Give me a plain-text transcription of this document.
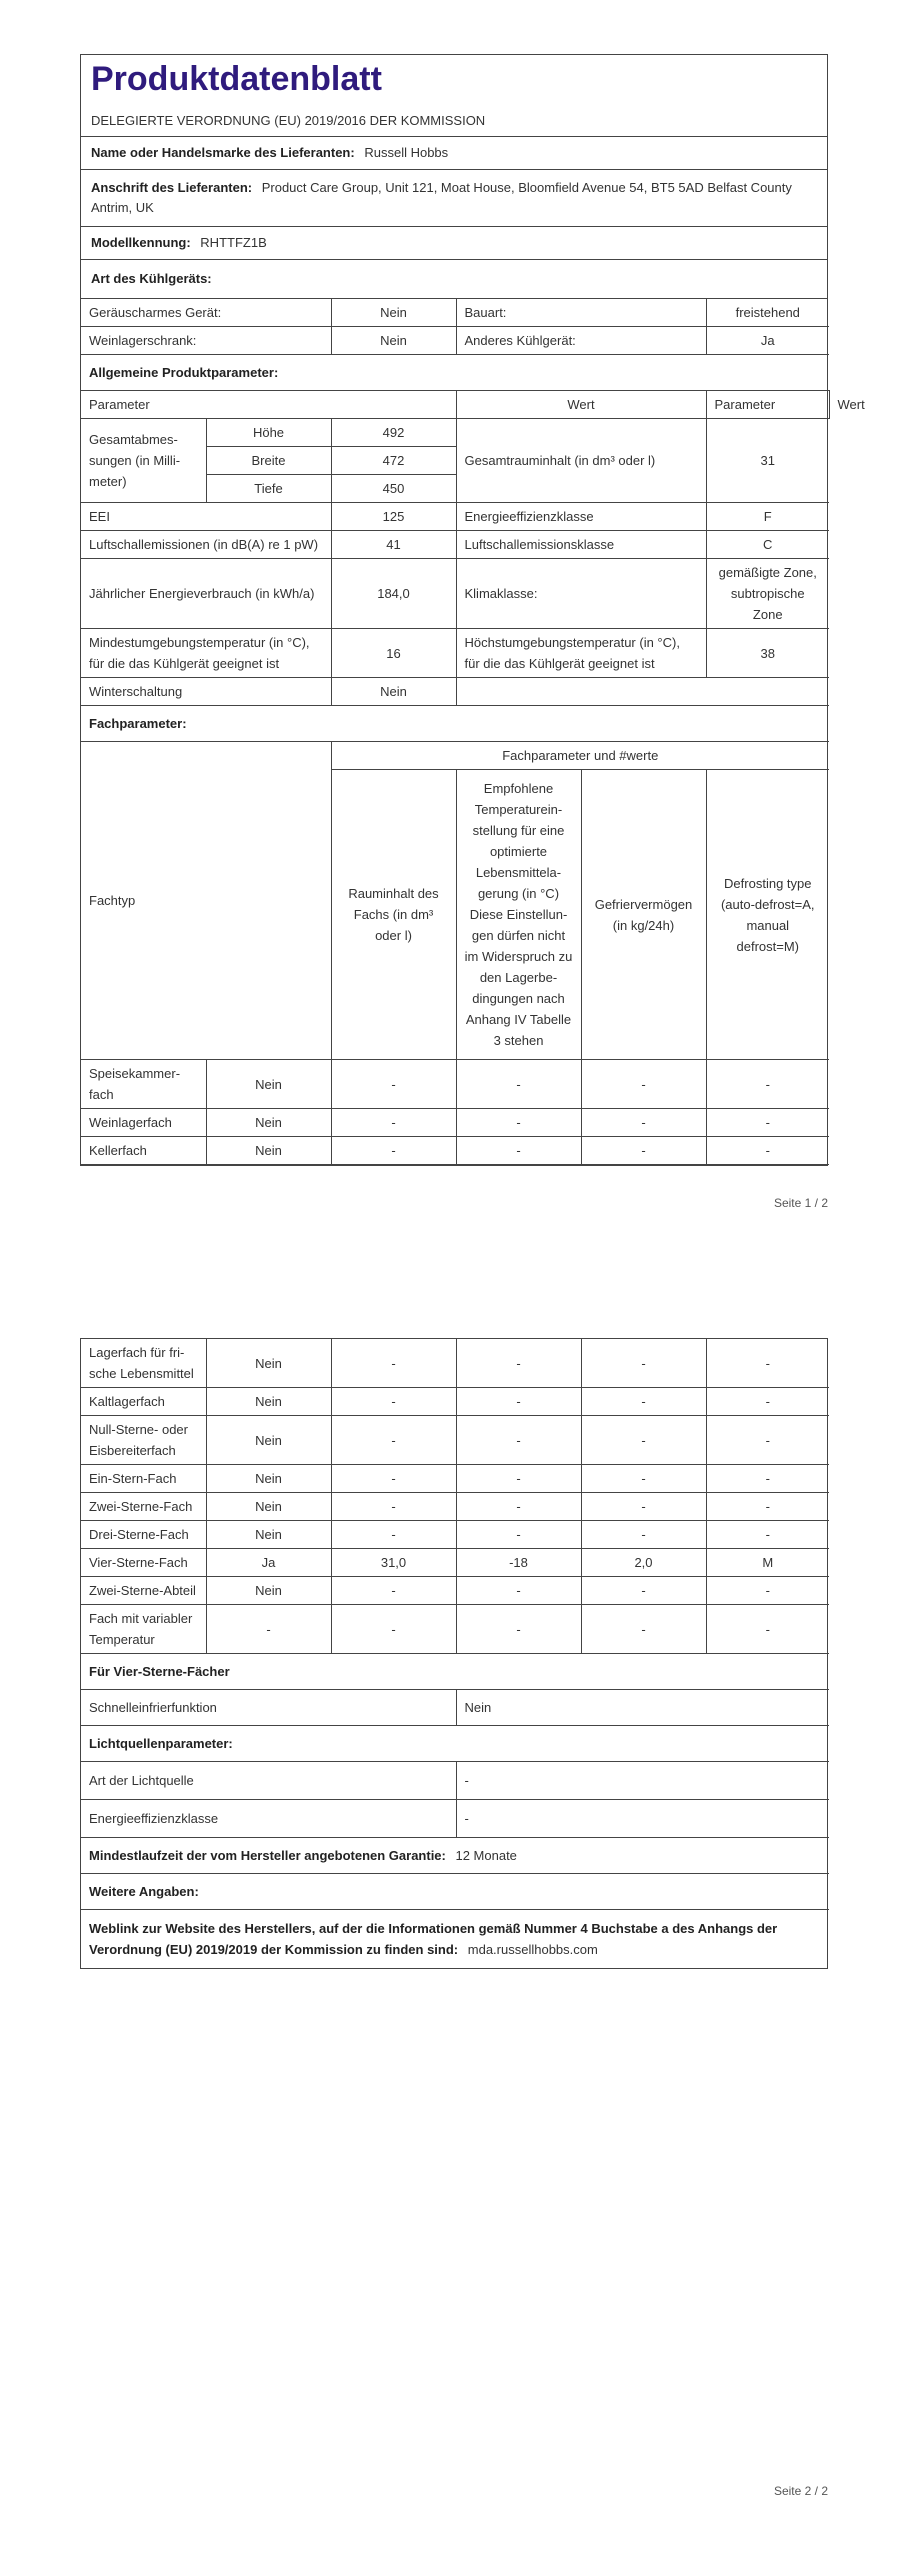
Produktdatenblatt
DELEGIERTE VERORDNUNG (EU) 2019/2016 DER KOMMISSION
Name oder Handelsmarke des Lieferanten: Russell Hobbs
Anschrift des Lieferanten: Product Care Group, Unit 121, Moat House, Bloomfield Avenue 54, BT5 5AD Belfast County Antrim, UK
Modellkennung: RHTTFZ1B
Art des Kühlgeräts:
Geräuscharmes Gerät:	Nein	Bauart:	freistehend	
Weinlagerschrank:	Nein	Anderes Kühlgerät:	Ja	
Allgemeine Produktparameter:				
Parameter		Wert	Parameter	Wert
Gesamtabmessungen (in Millimeter)	Höhe	492	Gesamtrauminhalt (in dm³ oder l)	31
	Breite	472		
	Tiefe	450		
EEI		125	Energieeffizienzklasse	F
Luftschallemissionen (in dB(A) re 1 pW)		41	Luftschallemissionsklasse	C
Jährlicher Energieverbrauch (in kWh/a)		184,0	Klimaklasse:	gemäßigte Zone, subtropische Zone
Mindestumgebungstemperatur (in °C), für die das Kühlgerät geeignet ist		16	Höchstumgebungstemperatur (in °C), für die das Kühlgerät geeignet ist	38
Winterschaltung		Nein		
Fachparameter:				
Fachtyp		Fachparameter und #werte			
		Rauminhalt des Fachs (in dm³ oder l)	Empfohlene Temperatureinstellung für eine optimierte Lebensmittelagerung (in °C) Diese Einstellungen dürfen nicht im Widerspruch zu den Lagerbedingungen nach Anhang IV Tabelle 3 stehen	Gefriervermögen (in kg/24h)	Defrosting type (auto-defrost=A, manual defrost=M)
Speisekammerfach	Nein	-	-	-	-
Weinlagerfach	Nein	-	-	-	-
Kellerfach	Nein	-	-	-	-
Seite 1 / 2
Lagerfach für frische Lebensmittel	Nein	-	-	-	-
Kaltlagerfach	Nein	-	-	-	-
Null-Sterne- oder Eisbereiterfach	Nein	-	-	-	-
Ein-Stern-Fach	Nein	-	-	-	-
Zwei-Sterne-Fach	Nein	-	-	-	-
Drei-Sterne-Fach	Nein	-	-	-	-
Vier-Sterne-Fach	Ja	31,0	-18	2,0	M
Zwei-Sterne-Abteil	Nein	-	-	-	-
Fach mit variabler Temperatur	-	-	-	-	-
Für Vier-Sterne-Fächer					
Schnelleinfrierfunktion	Nein
Lichtquellenparameter:	
Art der Lichtquelle	-
Energieeffizienzklasse	-
Mindestlaufzeit der vom Hersteller angebotenen Garantie: 12 Monate	
Weitere Angaben:	
Weblink zur Website des Herstellers, auf der die Informationen gemäß Nummer 4 Buchstabe a des Anhangs der Verordnung (EU) 2019/2019 der Kommission zu finden sind: mda.russellhobbs.com	
Seite 2 / 2
